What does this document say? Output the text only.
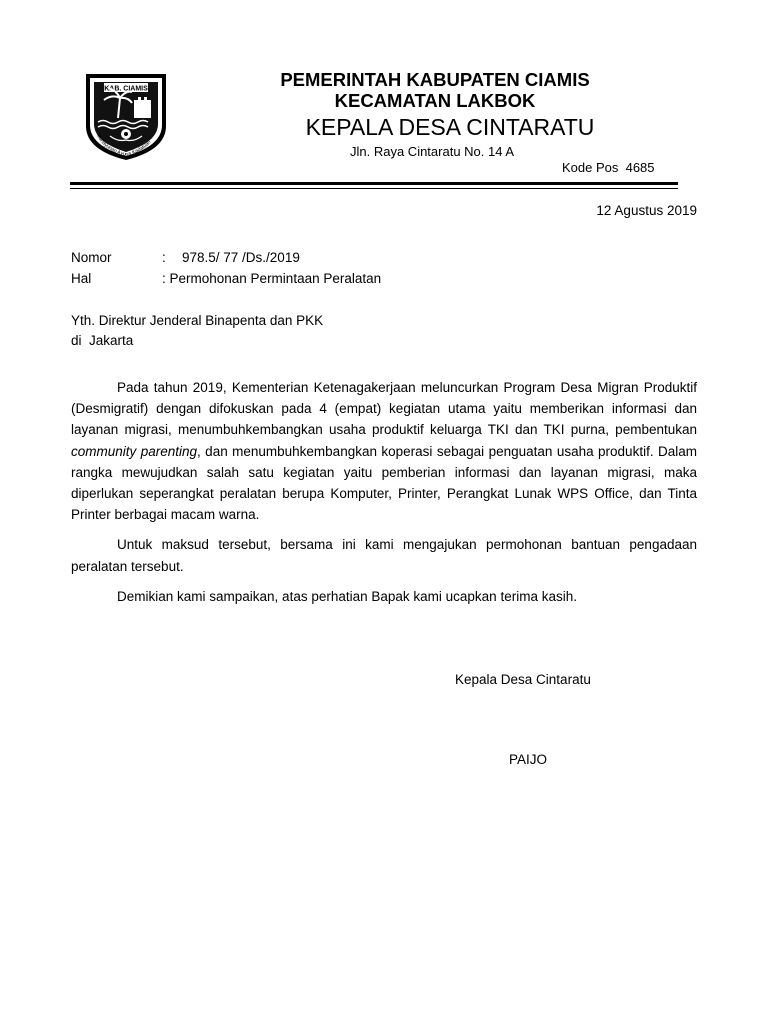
KAB. CIAMIS
Mahayunan Ayuna Kadatuan
PEMERINTAH KABUPATEN CIAMIS
KECAMATAN LAKBOK
KEPALA DESA CINTARATU
Jln. Raya Cintaratu No. 14 A
Kode Pos  4685
12 Agustus 2019
Nomor	: 978.5/ 77 /Ds./2019
Hal	: Permohonan Permintaan Peralatan
Yth. Direktur Jenderal Binapenta dan PKK
di  Jakarta

Pada tahun 2019, Kementerian Ketenagakerjaan meluncurkan Program Desa Migran Produktif (Desmigratif) dengan difokuskan pada 4 (empat) kegiatan utama yaitu memberikan informasi dan layanan migrasi, menumbuhkembangkan usaha produktif keluarga TKI dan TKI purna, pembentukan community parenting, dan menumbuhkembangkan koperasi sebagai penguatan usaha produktif. Dalam rangka mewujudkan salah satu kegiatan yaitu pemberian informasi dan layanan migrasi, maka diperlukan seperangkat peralatan berupa Komputer, Printer, Perangkat Lunak WPS Office, dan Tinta Printer berbagai macam warna.

Untuk maksud tersebut, bersama ini kami mengajukan permohonan bantuan pengadaan peralatan tersebut.

Demikian kami sampaikan, atas perhatian Bapak kami ucapkan terima kasih.

Kepala Desa Cintaratu
PAIJO
